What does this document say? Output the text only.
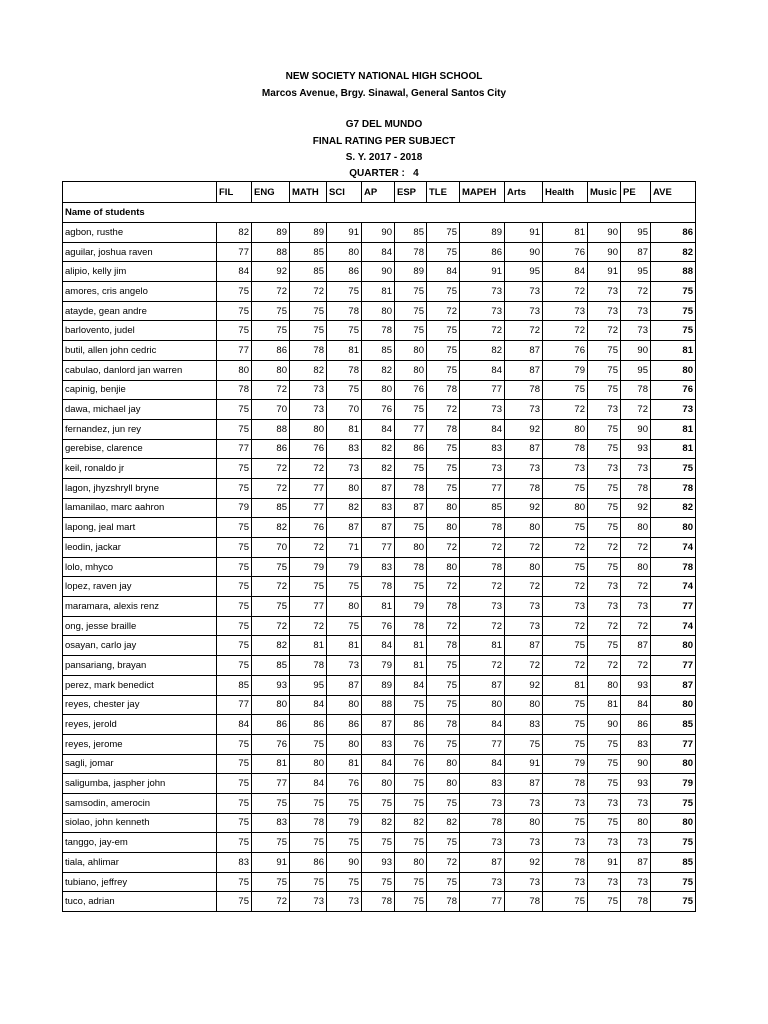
NEW SOCIETY NATIONAL HIGH SCHOOL
Marcos Avenue, Brgy. Sinawal, General Santos City
G7 DEL MUNDO
FINAL RATING PER SUBJECT
S. Y. 2017 - 2018
QUARTER :   4
	FIL	ENG	MATH	SCI	AP	ESP	TLE	MAPEH	Arts	Health	Music	PE	AVE
Name of students													
agbon, rusthe	82	89	89	91	90	85	75	89	91	81	90	95	86
aguilar, joshua raven	77	88	85	80	84	78	75	86	90	76	90	87	82
alipio, kelly jim	84	92	85	86	90	89	84	91	95	84	91	95	88
amores, cris angelo	75	72	72	75	81	75	75	73	73	72	73	72	75
atayde, gean andre	75	75	75	78	80	75	72	73	73	73	73	73	75
barlovento, judel	75	75	75	75	78	75	75	72	72	72	72	73	75
butil, allen john cedric	77	86	78	81	85	80	75	82	87	76	75	90	81
cabulao, danlord jan warren	80	80	82	78	82	80	75	84	87	79	75	95	80
capinig, benjie	78	72	73	75	80	76	78	77	78	75	75	78	76
dawa, michael jay	75	70	73	70	76	75	72	73	73	72	73	72	73
fernandez, jun rey	75	88	80	81	84	77	78	84	92	80	75	90	81
gerebise, clarence	77	86	76	83	82	86	75	83	87	78	75	93	81
keil, ronaldo jr	75	72	72	73	82	75	75	73	73	73	73	73	75
lagon, jhyzshryll bryne	75	72	77	80	87	78	75	77	78	75	75	78	78
lamanilao, marc aahron	79	85	77	82	83	87	80	85	92	80	75	92	82
lapong, jeal mart	75	82	76	87	87	75	80	78	80	75	75	80	80
leodin, jackar	75	70	72	71	77	80	72	72	72	72	72	72	74
lolo, mhyco	75	75	79	79	83	78	80	78	80	75	75	80	78
lopez, raven jay	75	72	75	75	78	75	72	72	72	72	73	72	74
maramara, alexis renz	75	75	77	80	81	79	78	73	73	73	73	73	77
ong, jesse braille	75	72	72	75	76	78	72	72	73	72	72	72	74
osayan, carlo jay	75	82	81	81	84	81	78	81	87	75	75	87	80
pansariang, brayan	75	85	78	73	79	81	75	72	72	72	72	72	77
perez, mark benedict	85	93	95	87	89	84	75	87	92	81	80	93	87
reyes, chester jay	77	80	84	80	88	75	75	80	80	75	81	84	80
reyes, jerold	84	86	86	86	87	86	78	84	83	75	90	86	85
reyes, jerome	75	76	75	80	83	76	75	77	75	75	75	83	77
sagli, jomar	75	81	80	81	84	76	80	84	91	79	75	90	80
saligumba, jaspher john	75	77	84	76	80	75	80	83	87	78	75	93	79
samsodin, amerocin	75	75	75	75	75	75	75	73	73	73	73	73	75
siolao, john kenneth	75	83	78	79	82	82	82	78	80	75	75	80	80
tanggo, jay-em	75	75	75	75	75	75	75	73	73	73	73	73	75
tiala, ahlimar	83	91	86	90	93	80	72	87	92	78	91	87	85
tubiano, jeffrey	75	75	75	75	75	75	75	73	73	73	73	73	75
tuco, adrian	75	72	73	73	78	75	78	77	78	75	75	78	75
